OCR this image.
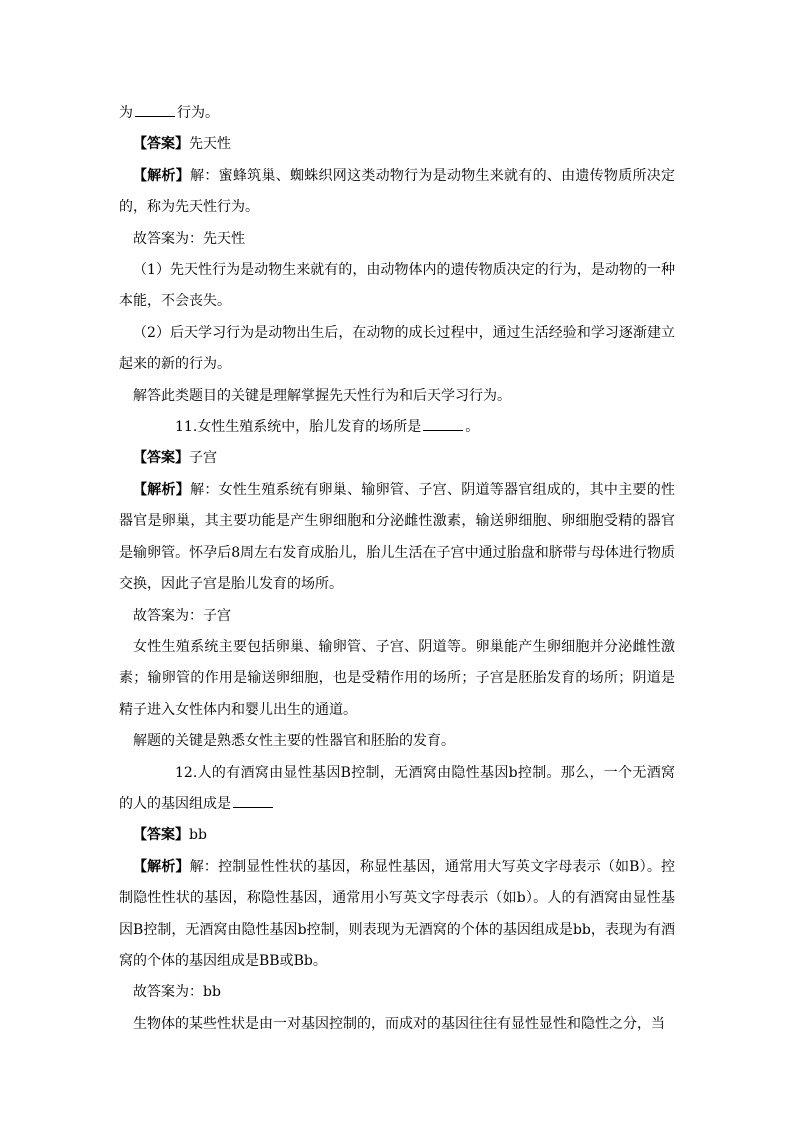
为	行为。

【答案】先天性

【解析】解：蜜蜂筑巢、蜘蛛织网这类动物行为是动物生来就有的、由遗传物质所决定的，称为先天性行为。

故答案为：先天性

（1）先天性行为是动物生来就有的，由动物体内的遗传物质决定的行为，是动物的一种本能，不会丧失。

（2）后天学习行为是动物出生后，在动物的成长过程中，通过生活经验和学习逐渐建立起来的新的行为。

解答此类题目的关键是理解掌握先天性行为和后天学习行为。

11.女性生殖系统中，胎儿发育的场所是	。

【答案】子宫

【解析】解：女性生殖系统有卵巢、输卵管、子宫、阴道等器官组成的，其中主要的性器官是卵巢，其主要功能是产生卵细胞和分泌雌性激素，输送卵细胞、卵细胞受精的器官是输卵管。怀孕后8周左右发育成胎儿，胎儿生活在子宫中通过胎盘和脐带与母体进行物质交换，因此子宫是胎儿发育的场所。

故答案为：子宫

女性生殖系统主要包括卵巢、输卵管、子宫、阴道等。卵巢能产生卵细胞并分泌雌性激素；输卵管的作用是输送卵细胞，也是受精作用的场所；子宫是胚胎发育的场所；阴道是精子进入女性体内和婴儿出生的通道。

解题的关键是熟悉女性主要的性器官和胚胎的发育。

12.人的有酒窝由显性基因B控制，无酒窝由隐性基因b控制。那么，一个无酒窝的人的基因组成是

【答案】bb

【解析】解：控制显性性状的基因，称显性基因，通常用大写英文字母表示（如B）。控制隐性性状的基因，称隐性基因，通常用小写英文字母表示（如b）。人的有酒窝由显性基因B控制，无酒窝由隐性基因b控制，则表现为无酒窝的个体的基因组成是bb，表现为有酒窝的个体的基因组成是BB或Bb。

故答案为：bb

生物体的某些性状是由一对基因控制的，而成对的基因往往有显性显性和隐性之分，当
